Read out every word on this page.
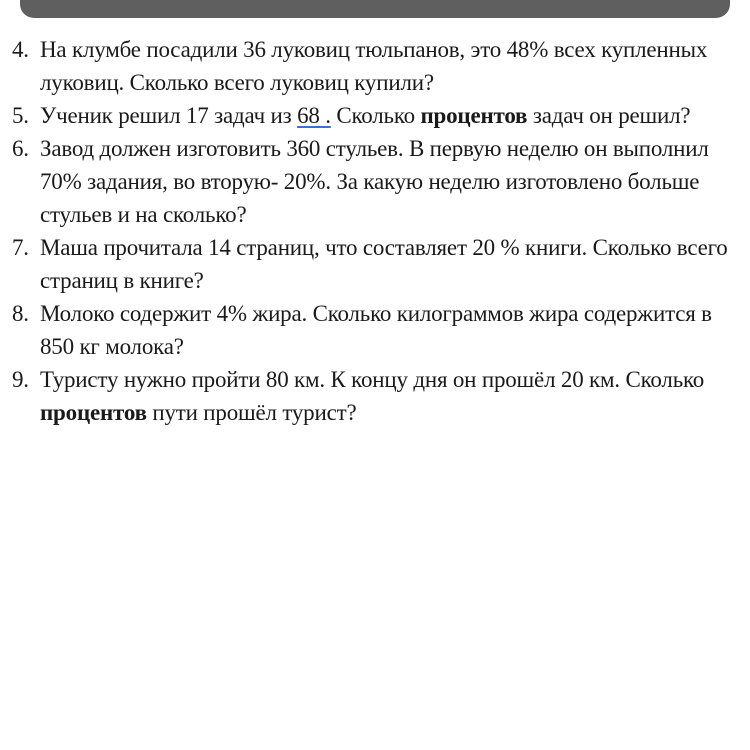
4. На клумбе посадили 36 луковиц тюльпанов, это 48% всех купленных луковиц. Сколько всего луковиц купили?
5. Ученик решил 17 задач из 68 . Сколько процентов задач он решил?
6. Завод должен изготовить 360 стульев. В первую неделю он выполнил 70% задания, во вторую- 20%. За какую неделю изготовлено больше стульев и на сколько?
7. Маша прочитала 14 страниц, что составляет 20 % книги. Сколько всего страниц в книге?
8. Молоко содержит 4% жира. Сколько килограммов жира содержится в 850 кг молока?
9. Туристу нужно пройти 80 км. К концу дня он прошёл 20 км. Сколько процентов пути прошёл турист?
